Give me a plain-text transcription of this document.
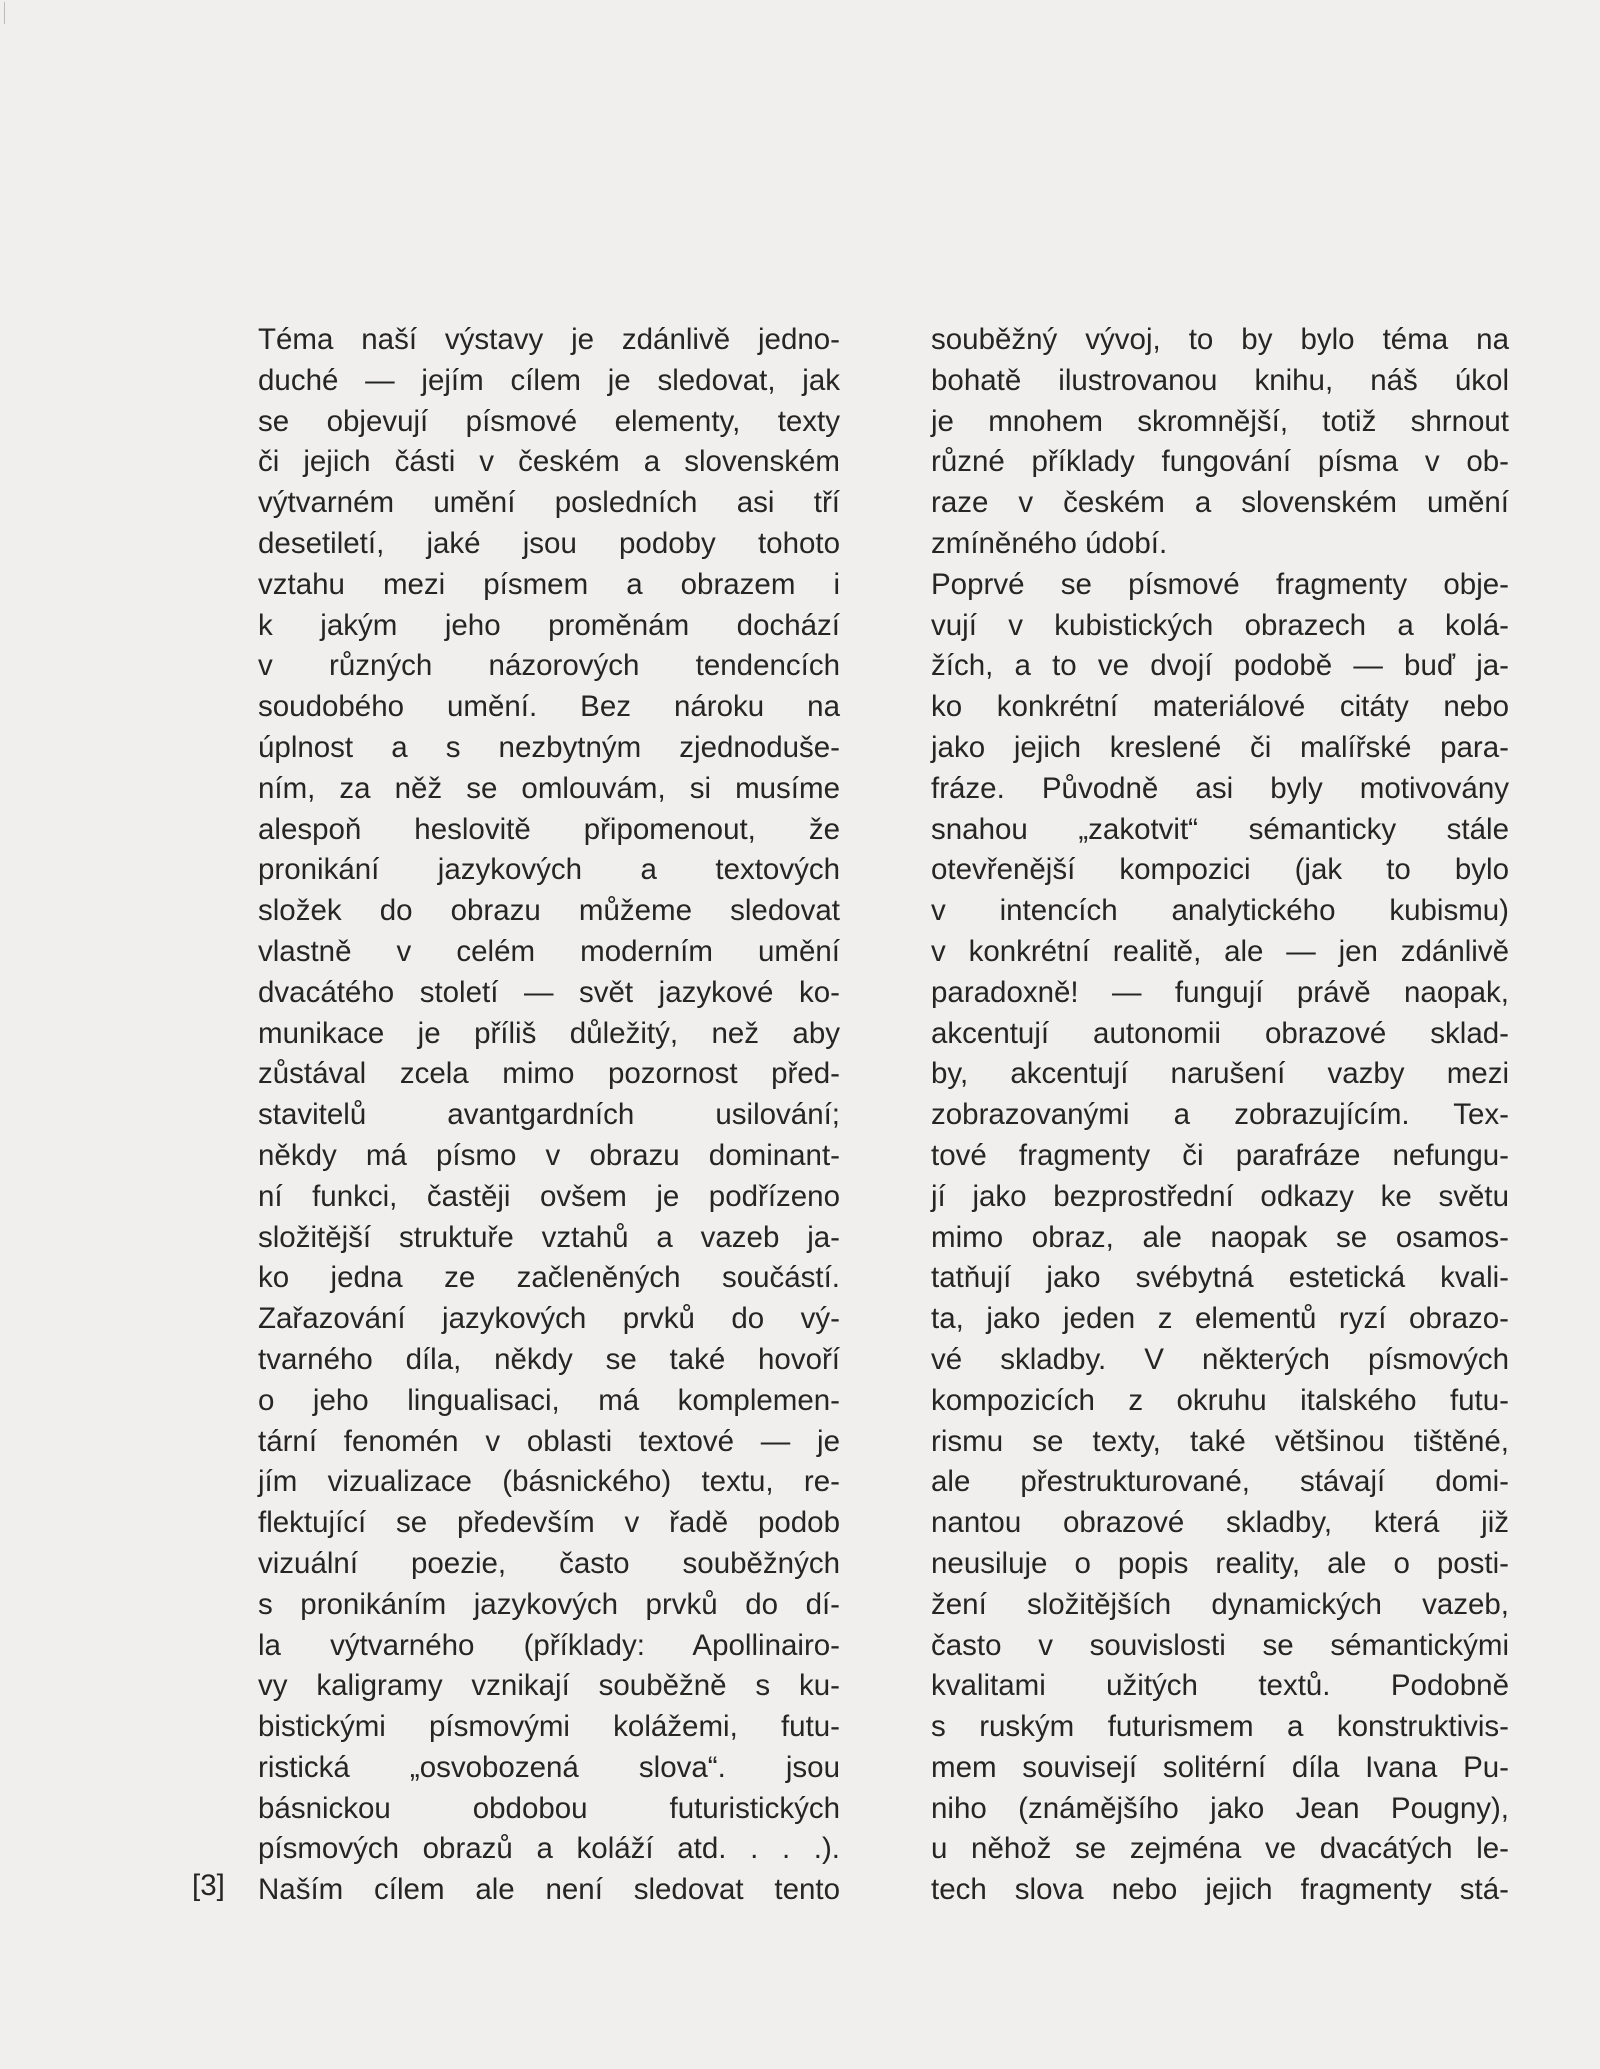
Téma naší výstavy je zdánlivě jedno-
duché — jejím cílem je sledovat, jak
se objevují písmové elementy, texty
či jejich části v českém a slovenském
výtvarném umění posledních asi tří
desetiletí, jaké jsou podoby tohoto
vztahu mezi písmem a obrazem i
k jakým jeho proměnám dochází
v různých názorových tendencích
soudobého umění. Bez nároku na
úplnost a s nezbytným zjednoduše-
ním, za něž se omlouvám, si musíme
alespoň heslovitě připomenout, že
pronikání jazykových a textových
složek do obrazu můžeme sledovat
vlastně v celém moderním umění
dvacátého století — svět jazykové ko-
munikace je příliš důležitý, než aby
zůstával zcela mimo pozornost před-
stavitelů avantgardních usilování;
někdy má písmo v obrazu dominant-
ní funkci, častěji ovšem je podřízeno
složitější struktuře vztahů a vazeb ja-
ko jedna ze začleněných součástí.
Zařazování jazykových prvků do vý-
tvarného díla, někdy se také hovoří
o jeho lingualisaci, má komplemen-
tární fenomén v oblasti textové — je
jím vizualizace (básnického) textu, re-
flektující se především v řadě podob
vizuální poezie, často souběžných
s pronikáním jazykových prvků do dí-
la výtvarného (příklady: Apollinairo-
vy kaligramy vznikají souběžně s ku-
bistickými písmovými kolážemi, futu-
ristická „osvobozená slova“. jsou
básnickou obdobou futuristických
písmových obrazů a koláží atd. . . .).
Naším cílem ale není sledovat tento
souběžný vývoj, to by bylo téma na
bohatě ilustrovanou knihu, náš úkol
je mnohem skromnější, totiž shrnout
různé příklady fungování písma v ob-
raze v českém a slovenském umění
zmíněného údobí.
Poprvé se písmové fragmenty obje-
vují v kubistických obrazech a kolá-
žích, a to ve dvojí podobě — buď ja-
ko konkrétní materiálové citáty nebo
jako jejich kreslené či malířské para-
fráze. Původně asi byly motivovány
snahou „zakotvit“ sémanticky stále
otevřenější kompozici (jak to bylo
v intencích analytického kubismu)
v konkrétní realitě, ale — jen zdánlivě
paradoxně! — fungují právě naopak,
akcentují autonomii obrazové sklad-
by, akcentují narušení vazby mezi
zobrazovanými a zobrazujícím. Tex-
tové fragmenty či parafráze nefungu-
jí jako bezprostřední odkazy ke světu
mimo obraz, ale naopak se osamos-
tatňují jako svébytná estetická kvali-
ta, jako jeden z elementů ryzí obrazo-
vé skladby. V některých písmových
kompozicích z okruhu italského futu-
rismu se texty, také většinou tištěné,
ale přestrukturované, stávají domi-
nantou obrazové skladby, která již
neusiluje o popis reality, ale o posti-
žení složitějších dynamických vazeb,
často v souvislosti se sémantickými
kvalitami užitých textů. Podobně
s ruským futurismem a konstruktivis-
mem souvisejí solitérní díla Ivana Pu-
niho (známějšího jako Jean Pougny),
u něhož se zejména ve dvacátých le-
tech slova nebo jejich fragmenty stá-
[3]
